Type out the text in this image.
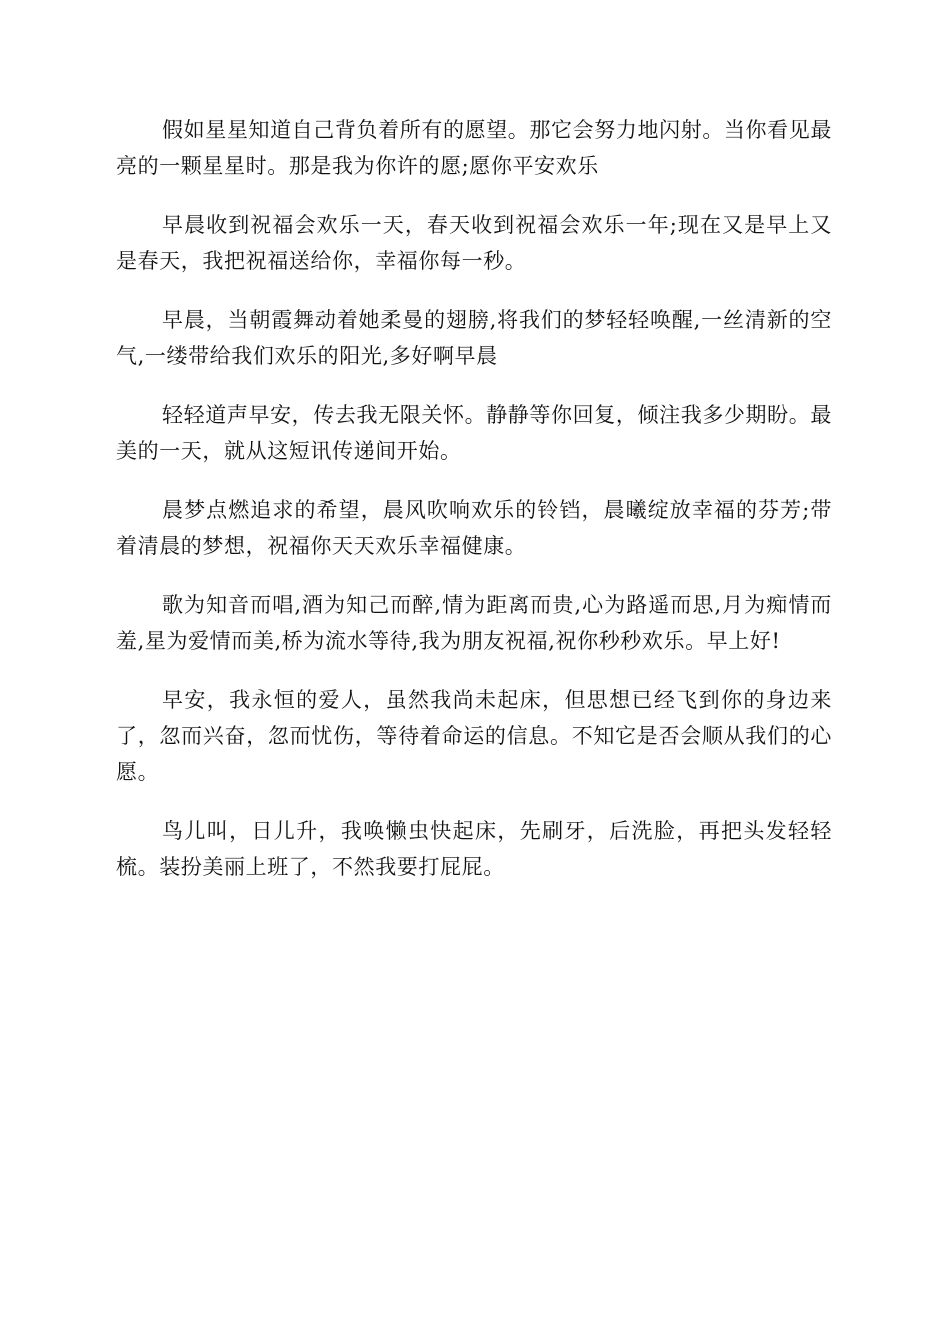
假如星星知道自己背负着所有的愿望。那它会努力地闪射。当你看见最亮的一颗星星时。那是我为你许的愿;愿你平安欢乐

早晨收到祝福会欢乐一天，春天收到祝福会欢乐一年;现在又是早上又是春天，我把祝福送给你，幸福你每一秒。

早晨，当朝霞舞动着她柔曼的翅膀,将我们的梦轻轻唤醒,一丝清新的空气,一缕带给我们欢乐的阳光,多好啊早晨

轻轻道声早安，传去我无限关怀。静静等你回复，倾注我多少期盼。最美的一天，就从这短讯传递间开始。

晨梦点燃追求的希望，晨风吹响欢乐的铃铛，晨曦绽放幸福的芬芳;带着清晨的梦想，祝福你天天欢乐幸福健康。

歌为知音而唱,酒为知己而醉,情为距离而贵,心为路遥而思,月为痴情而羞,星为爱情而美,桥为流水等待,我为朋友祝福,祝你秒秒欢乐。早上好!

早安，我永恒的爱人，虽然我尚未起床，但思想已经飞到你的身边来了，忽而兴奋，忽而忧伤，等待着命运的信息。不知它是否会顺从我们的心愿。

鸟儿叫，日儿升，我唤懒虫快起床，先刷牙，后洗脸，再把头发轻轻梳。装扮美丽上班了，不然我要打屁屁。
